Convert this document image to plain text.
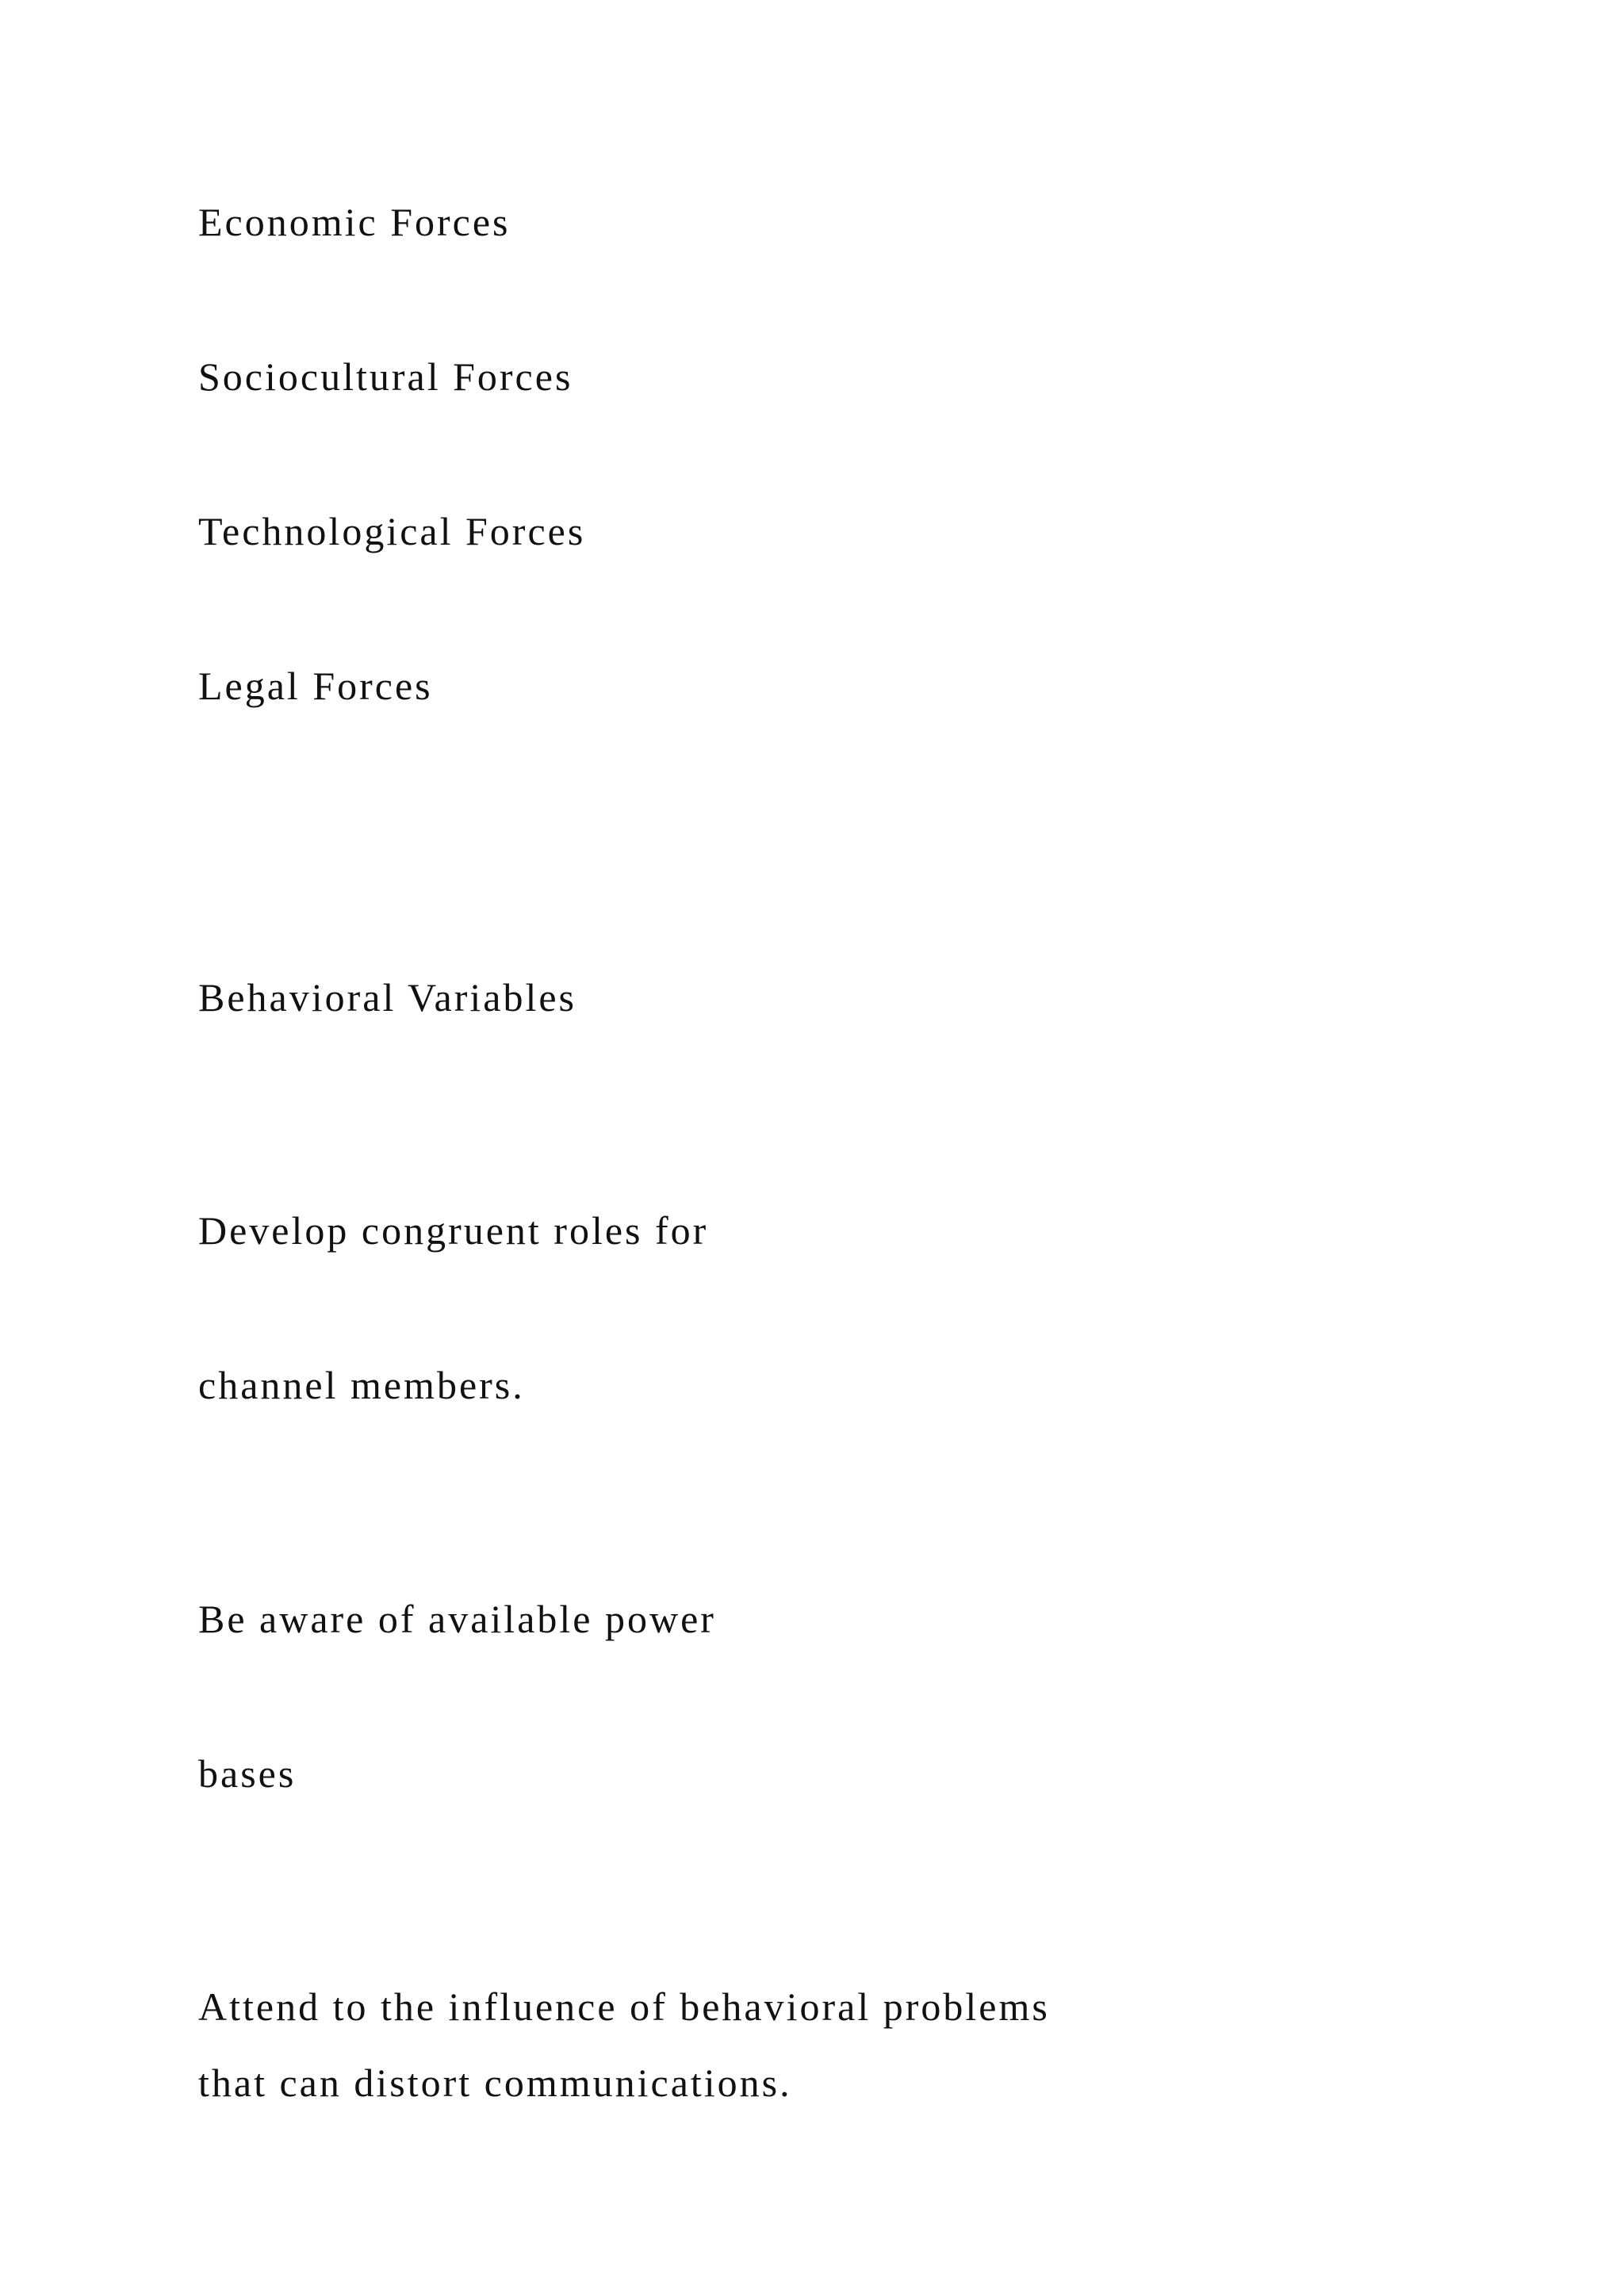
Economic Forces

Sociocultural Forces

Technological Forces

Legal Forces

Behavioral Variables

Develop congruent roles for

channel members.

Be aware of available power

bases

Attend to the influence of behavioral problems

that can distort communications.
